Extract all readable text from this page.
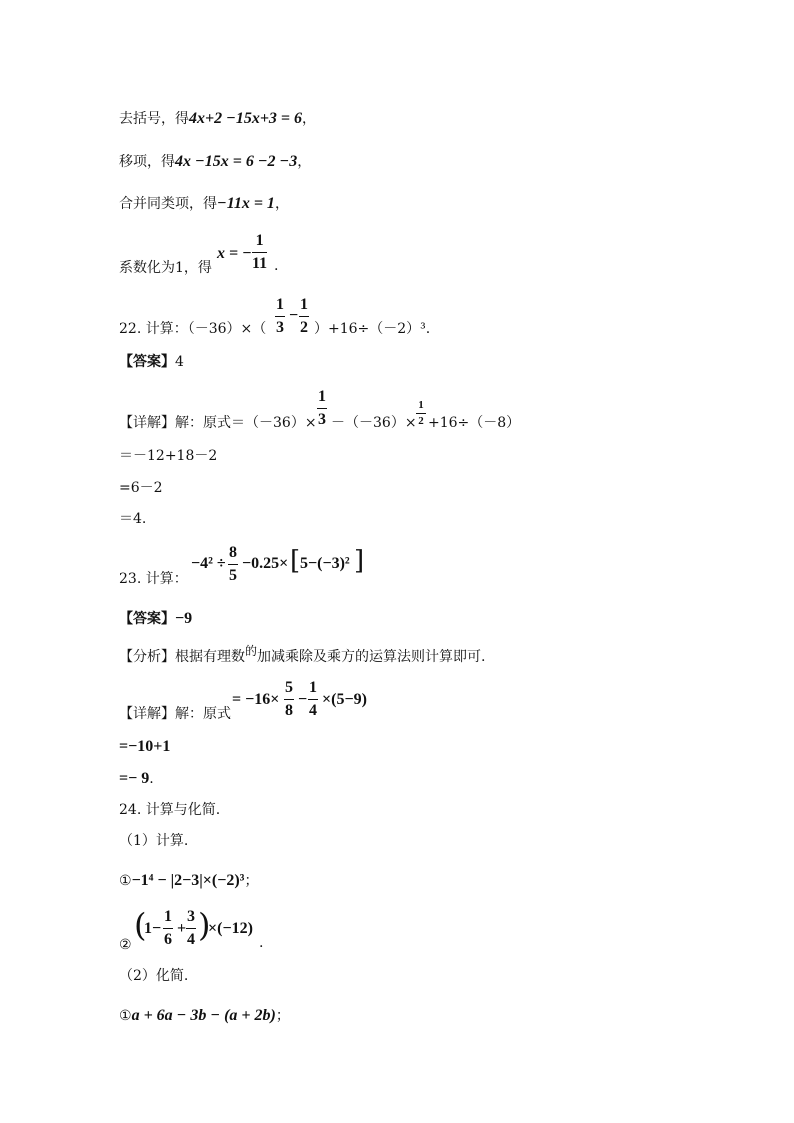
去括号，得4x+2 −15x+3 = 6，
移项，得4x −15x = 6 −2 −3，
合并同类项，得−11x = 1，
系数化为1，得
x = −
1
11 .
22. 计算：（－36）×（
1
3
−
1
2 ）+16÷（－2）³.
【答案】4
【详解】解：原式＝（－36）×
1
3 －（－36）×
1
2 +16÷（－8）
＝－12+18－2
=6－2
＝4.
23. 计算：
−4² ÷
8
5
−0.25× [ 5−(−3)² ]
【答案】−9
【分析】根据有理数的加减乘除及乘方的运算法则计算即可.
【详解】解：原式
= −16×
5
8
−
1
4
×(5−9)
=−10+1
=− 9.
24. 计算与化简.
（1）计算.
①−1⁴ − |2−3|×(−2)³；
②
(
1−
1
6
+
3
4 )
×(−12)
.
（2）化简.
①a + 6a − 3b − (a + 2b)；
